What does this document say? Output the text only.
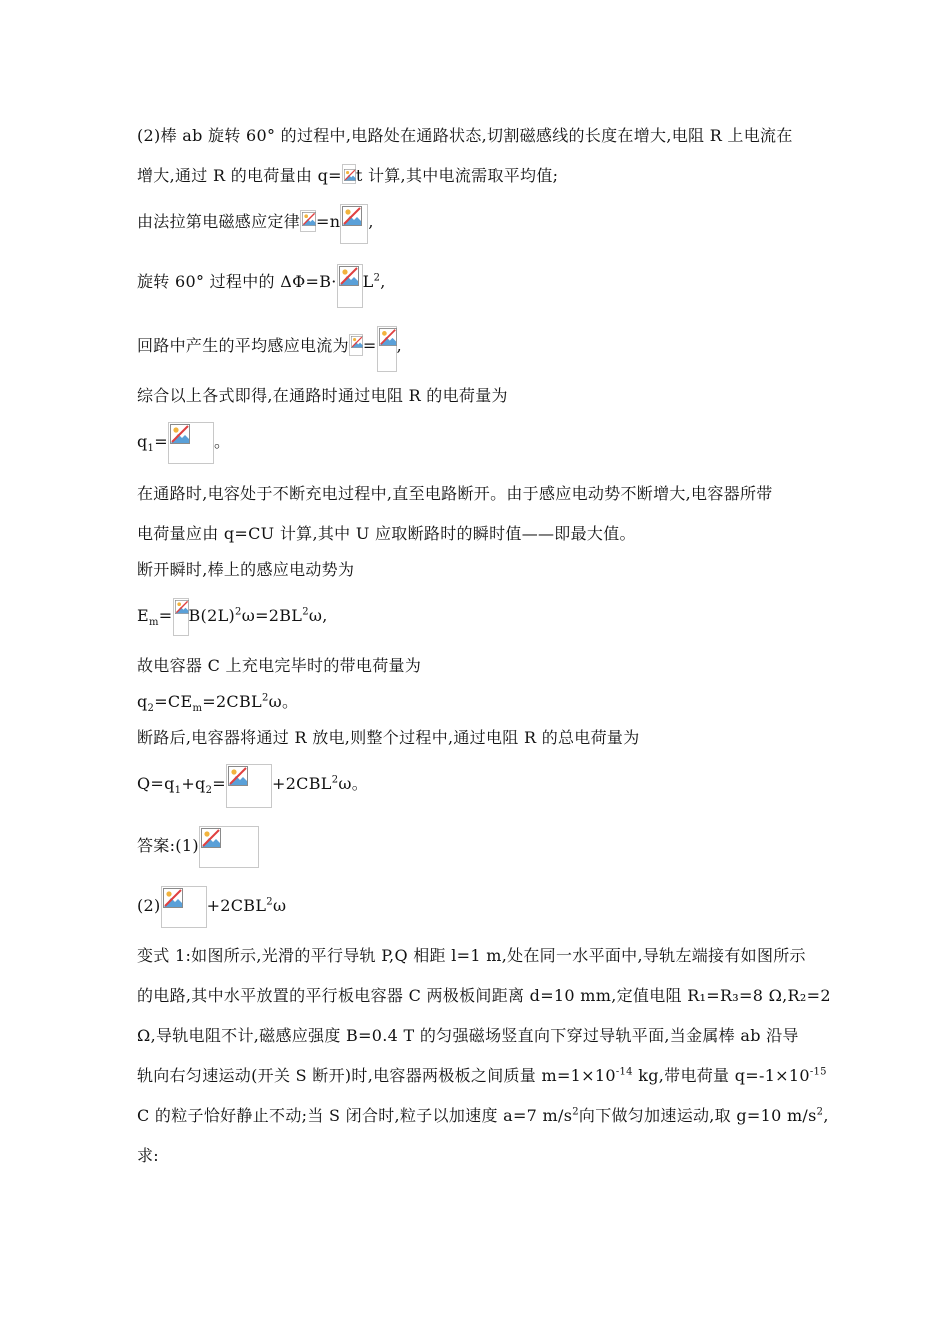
(2)棒 ab 旋转 60° 的过程中,电路处在通路状态,切割磁感线的长度在增大,电阻 R 上电流在
增大,通过 R 的电荷量由 q= t 计算,其中电流需取平均值;
由法拉第电磁感应定律 =n ,
旋转 60° 过程中的 $\Delta\Phi=B\cdot L^2$,
回路中产生的平均感应电流为 = ,
综合以上各式即得,在通路时通过电阻 R 的电荷量为
$q_1=$	。
在通路时,电容处于不断充电过程中,直至电路断开。由于感应电动势不断增大,电容器所带
电荷量应由 q=CU 计算,其中 U 应取断路时的瞬时值——即最大值。
断开瞬时,棒上的感应电动势为
$E_m= B(2L)^2\omega=2BL^2\omega$,
故电容器 C 上充电完毕时的带电荷量为
$q_2=CE_m=2CBL^2\omega$。
断路后,电容器将通过 R 放电,则整个过程中,通过电阻 R 的总电荷量为
$Q=q_1+q_2=$	$+2CBL^2\omega$。
答案:(1)
(2)	$+2CBL^2\omega$
变式 1:如图所示,光滑的平行导轨 P,Q 相距 l=1 m,处在同一水平面中,导轨左端接有如图所示
的电路,其中水平放置的平行板电容器 C 两极板间距离 d=10 mm,定值电阻 R₁=R₃=8 Ω,R₂=2
Ω,导轨电阻不计,磁感应强度 B=0.4 T 的匀强磁场竖直向下穿过导轨平面,当金属棒 ab 沿导
轨向右匀速运动(开关 S 断开)时,电容器两极板之间质量 $m=1\times 10^{-14}$ kg,带电荷量 $q=-1\times 10^{-15}$
C 的粒子恰好静止不动;当 S 闭合时,粒子以加速度 a=7 $m/s^2$向下做匀加速运动,取 g=10 $m/s^2$,
求:
